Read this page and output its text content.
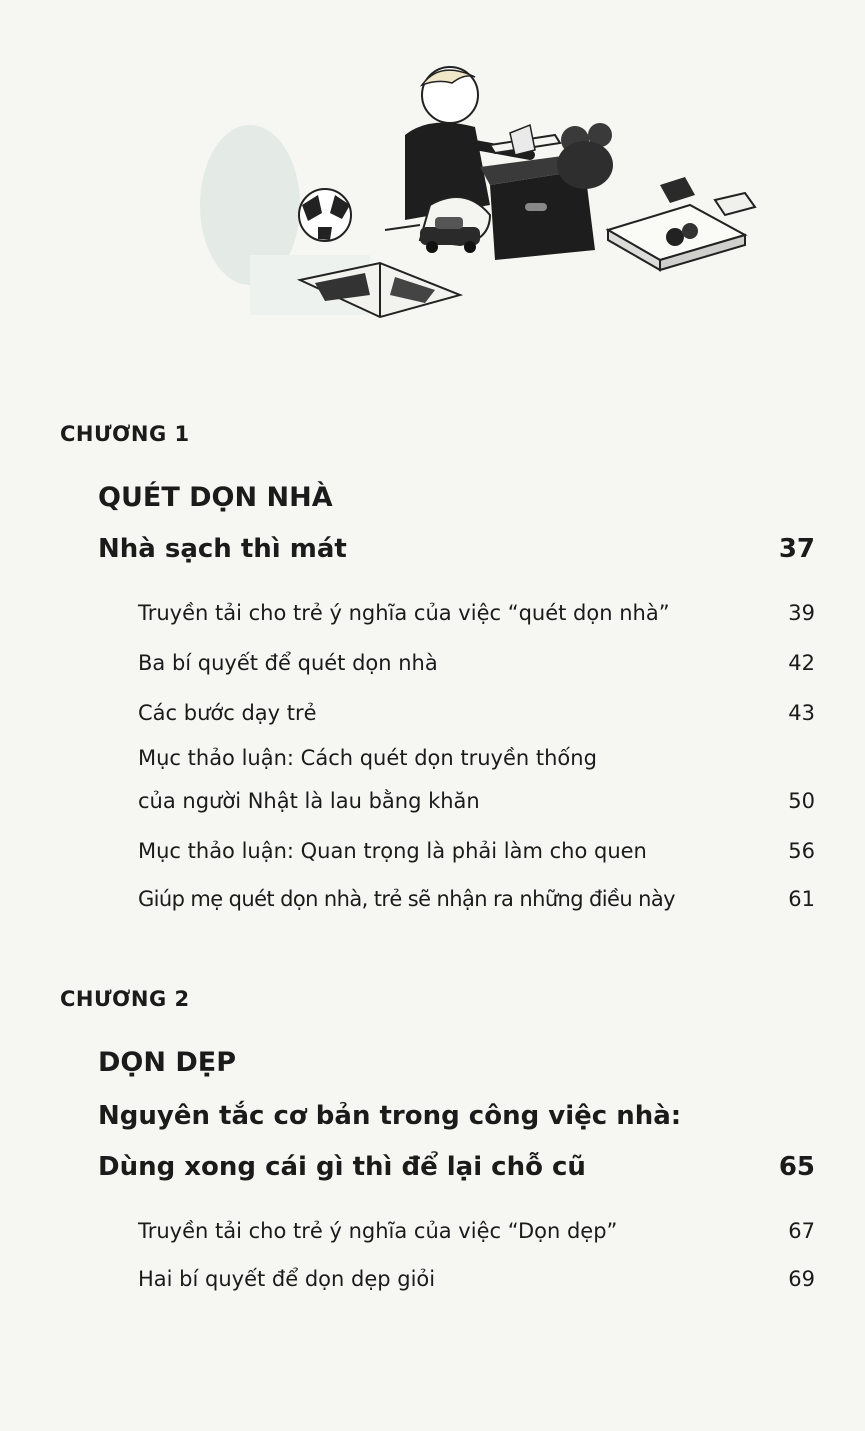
CHƯƠNG 1
QUÉT DỌN NHÀ
Nhà sạch thì mát	37
Truyền tải cho trẻ ý nghĩa của việc “quét dọn nhà”	39
Ba bí quyết để quét dọn nhà	42
Các bước dạy trẻ	43
Mục thảo luận: Cách quét dọn truyền thống
của người Nhật là lau bằng khăn	50
Mục thảo luận: Quan trọng là phải làm cho quen	56
Giúp mẹ quét dọn nhà, trẻ sẽ nhận ra những điều này	61
CHƯƠNG 2
DỌN DẸP
Nguyên tắc cơ bản trong công việc nhà:
Dùng xong cái gì thì để lại chỗ cũ	65
Truyền tải cho trẻ ý nghĩa của việc “Dọn dẹp”	67
Hai bí quyết để dọn dẹp giỏi	69
